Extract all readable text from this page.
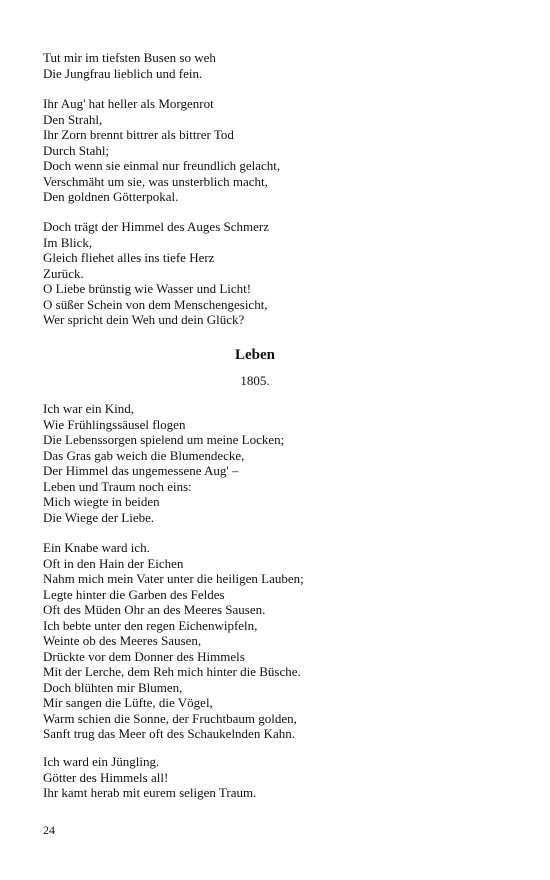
Tut mir im tiefsten Busen so weh
Die Jungfrau lieblich und fein.
Ihr Aug' hat heller als Morgenrot
Den Strahl,
Ihr Zorn brennt bittrer als bittrer Tod
Durch Stahl;
Doch wenn sie einmal nur freundlich gelacht,
Verschmäht um sie, was unsterblich macht,
Den goldnen Götterpokal.
Doch trägt der Himmel des Auges Schmerz
Im Blick,
Gleich fliehet alles ins tiefe Herz
Zurück.
O Liebe brünstig wie Wasser und Licht!
O süßer Schein von dem Menschengesicht,
Wer spricht dein Weh und dein Glück?
Leben
1805.
Ich war ein Kind,
Wie Frühlingssäusel flogen
Die Lebenssorgen spielend um meine Locken;
Das Gras gab weich die Blumendecke,
Der Himmel das ungemessene Aug' –
Leben und Traum noch eins:
Mich wiegte in beiden
Die Wiege der Liebe.
Ein Knabe ward ich.
Oft in den Hain der Eichen
Nahm mich mein Vater unter die heiligen Lauben;
Legte hinter die Garben des Feldes
Oft des Müden Ohr an des Meeres Sausen.
Ich bebte unter den regen Eichenwipfeln,
Weinte ob des Meeres Sausen,
Drückte vor dem Donner des Himmels
Mit der Lerche, dem Reh mich hinter die Büsche.
Doch blühten mir Blumen,
Mir sangen die Lüfte, die Vögel,
Warm schien die Sonne, der Fruchtbaum golden,
Sanft trug das Meer oft des Schaukelnden Kahn.
Ich ward ein Jüngling.
Götter des Himmels all!
Ihr kamt herab mit eurem seligen Traum.
24
